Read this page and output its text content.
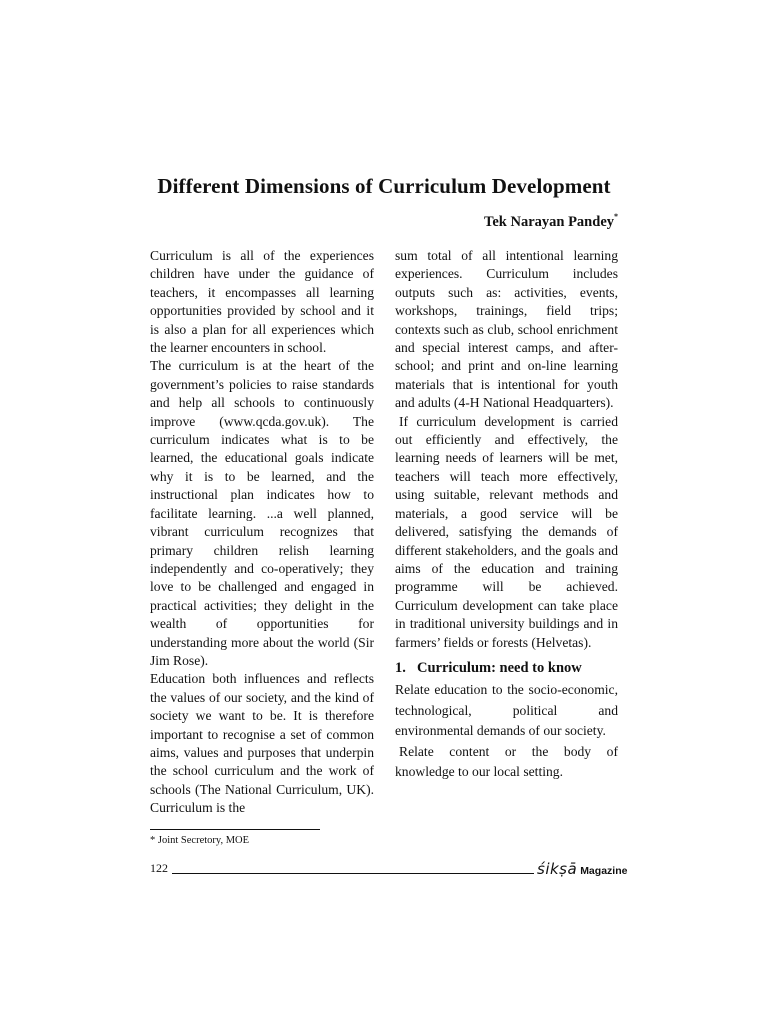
Different Dimensions of Curriculum Development
Tek Narayan Pandey*

Curriculum is all of the experiences children have under the guidance of teachers, it encompasses all learning opportunities provided by school and it is also a plan for all experiences which the learner encounters in school.

The curriculum is at the heart of the government’s policies to raise standards and help all schools to continuously improve (www.qcda.gov.uk). The curriculum indicates what is to be learned, the educational goals indicate why it is to be learned, and the instructional plan indicates how to facilitate learning. ...a well planned, vibrant curriculum recognizes that primary children relish learning independently and co-operatively; they love to be challenged and engaged in practical activities; they delight in the wealth of opportunities for understanding more about the world (Sir Jim Rose).

Education both influences and reflects the values of our society, and the kind of society we want to be. It is therefore important to recognise a set of common aims, values and purposes that underpin the school curriculum and the work of schools (The National Curriculum, UK). Curriculum is the

sum total of all intentional learning experiences. Curriculum includes outputs such as: activities, events, workshops, trainings, field trips; contexts such as club, school enrichment and special interest camps, and after-school; and print and on-line learning materials that is intentional for youth and adults (4-H National Headquarters).

If curriculum development is carried out efficiently and effectively, the learning needs of learners will be met, teachers will teach more effectively, using suitable, relevant methods and materials, a good service will be delivered, satisfying the demands of different stakeholders, and the goals and aims of the education and training programme will be achieved. Curriculum development can take place in traditional university buildings and in farmers’ fields or forests (Helvetas).

1. Curriculum: need to know

Relate education to the socio-economic, technological, political and environmental demands of our society.

Relate content or the body of knowledge to our local setting.

* Joint Secretory, MOE
122	śikṣā Magazine
